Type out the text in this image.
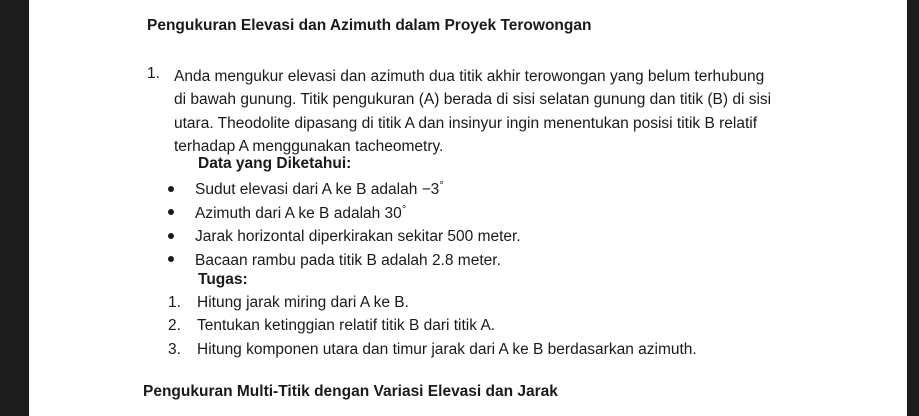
Pengukuran Elevasi dan Azimuth dalam Proyek Terowongan
1. Anda mengukur elevasi dan azimuth dua titik akhir terowongan yang belum terhubung
di bawah gunung. Titik pengukuran (A) berada di sisi selatan gunung dan titik (B) di sisi
utara. Theodolite dipasang di titik A dan insinyur ingin menentukan posisi titik B relatif
terhadap A menggunakan tacheometry.
Data yang Diketahui:
Sudut elevasi dari A ke B adalah −3°
Azimuth dari A ke B adalah 30°
Jarak horizontal diperkirakan sekitar 500 meter.
Bacaan rambu pada titik B adalah 2.8 meter.
Tugas:
1. Hitung jarak miring dari A ke B.
2. Tentukan ketinggian relatif titik B dari titik A.
3. Hitung komponen utara dan timur jarak dari A ke B berdasarkan azimuth.
Pengukuran Multi-Titik dengan Variasi Elevasi dan Jarak
